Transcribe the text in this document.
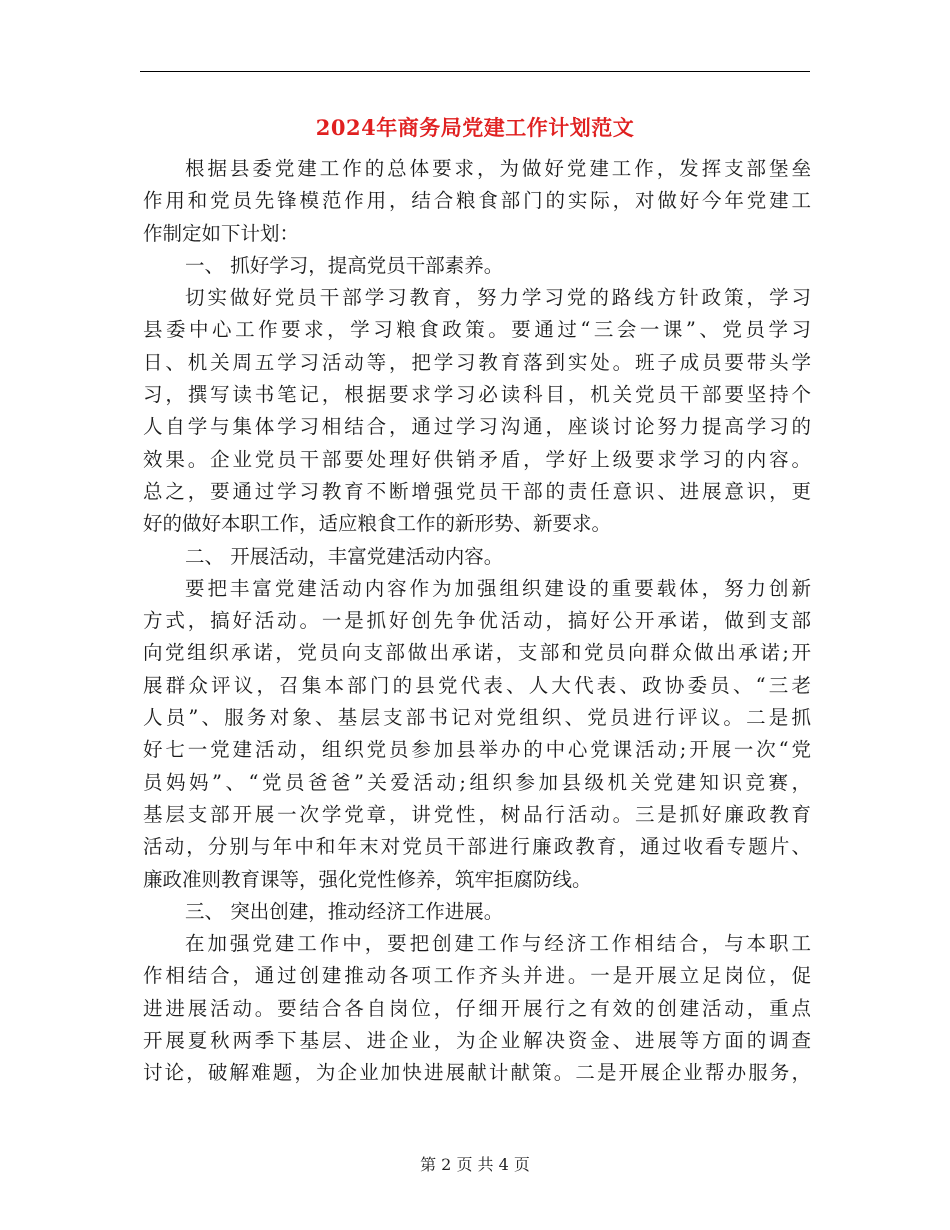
2024年商务局党建工作计划范文
根据县委党建工作的总体要求，为做好党建工作，发挥支部堡垒
作用和党员先锋模范作用，结合粮食部门的实际，对做好今年党建工
作制定如下计划：
一、 抓好学习，提高党员干部素养。
切实做好党员干部学习教育，努力学习党的路线方针政策，学习
县委中心工作要求，学习粮食政策。要通过“三会一课”、党员学习
日、机关周五学习活动等，把学习教育落到实处。班子成员要带头学
习，撰写读书笔记，根据要求学习必读科目，机关党员干部要坚持个
人自学与集体学习相结合，通过学习沟通，座谈讨论努力提高学习的
效果。企业党员干部要处理好供销矛盾，学好上级要求学习的内容。
总之，要通过学习教育不断增强党员干部的责任意识、进展意识，更
好的做好本职工作，适应粮食工作的新形势、新要求。
二、 开展活动，丰富党建活动内容。
要把丰富党建活动内容作为加强组织建设的重要载体，努力创新
方式，搞好活动。一是抓好创先争优活动，搞好公开承诺，做到支部
向党组织承诺，党员向支部做出承诺，支部和党员向群众做出承诺;开
展群众评议，召集本部门的县党代表、人大代表、政协委员、“三老
人员”、服务对象、基层支部书记对党组织、党员进行评议。二是抓
好七一党建活动，组织党员参加县举办的中心党课活动;开展一次“党
员妈妈”、“党员爸爸”关爱活动;组织参加县级机关党建知识竞赛，
基层支部开展一次学党章，讲党性，树品行活动。三是抓好廉政教育
活动，分别与年中和年末对党员干部进行廉政教育，通过收看专题片、
廉政准则教育课等，强化党性修养，筑牢拒腐防线。
三、 突出创建，推动经济工作进展。
在加强党建工作中，要把创建工作与经济工作相结合，与本职工
作相结合，通过创建推动各项工作齐头并进。一是开展立足岗位，促
进进展活动。要结合各自岗位，仔细开展行之有效的创建活动，重点
开展夏秋两季下基层、进企业，为企业解决资金、进展等方面的调查
讨论，破解难题，为企业加快进展献计献策。二是开展企业帮办服务，
第 2 页 共 4 页
